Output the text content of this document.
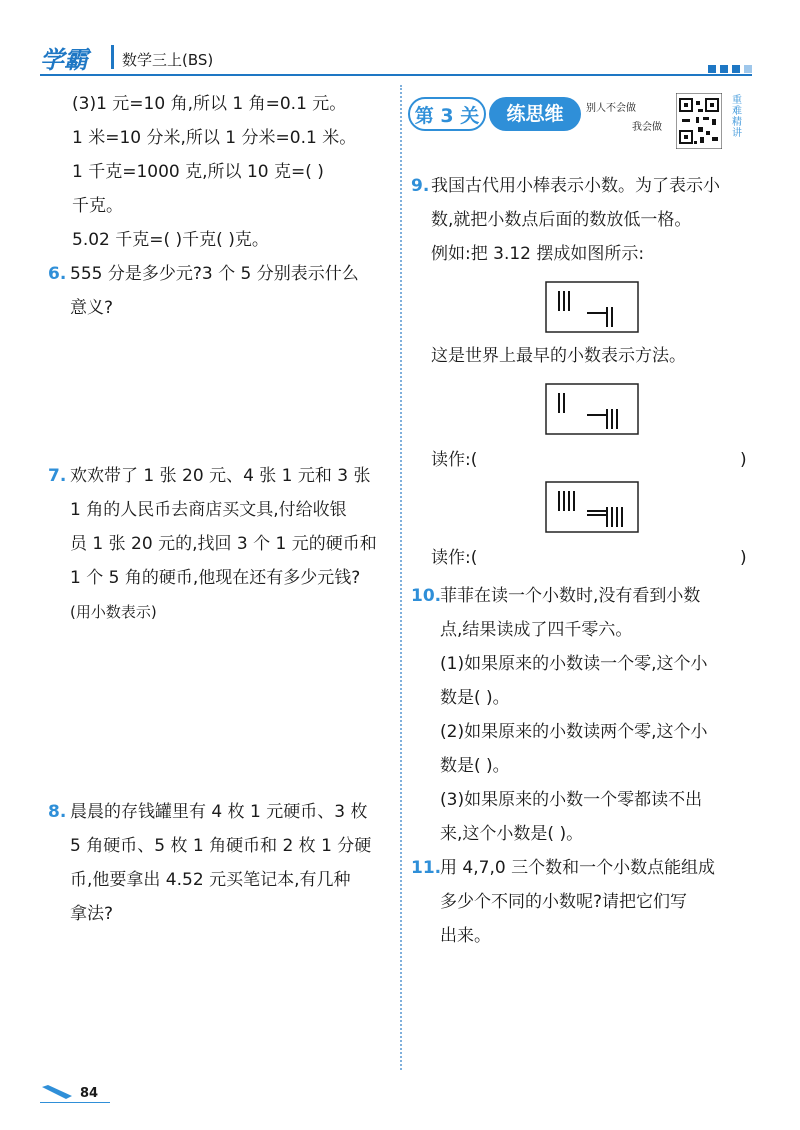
学霸 数学三上(BS)
(3)1 元=10 角,所以 1 角=0.1 元。
1 米=10 分米,所以 1 分米=0.1 米。
1 千克=1000 克,所以 10 克=( )
千克。
5.02 千克=( )千克( )克。
6. 555 分是多少元?3 个 5 分别表示什么
意义?
7. 欢欢带了 1 张 20 元、4 张 1 元和 3 张
1 角的人民币去商店买文具,付给收银
员 1 张 20 元的,找回 3 个 1 元的硬币和
1 个 5 角的硬币,他现在还有多少元钱?
(用小数表示)
8. 晨晨的存钱罐里有 4 枚 1 元硬币、3 枚
5 角硬币、5 枚 1 角硬币和 2 枚 1 分硬
币,他要拿出 4.52 元买笔记本,有几种
拿法?
第 3 关	练思维	别人不会做
我会做
重难精讲
9. 我国古代用小棒表示小数。为了表示小
数,就把小数点后面的数放低一格。
例如:把 3.12 摆成如图所示:
这是世界上最早的小数表示方法。
读作:(	)
读作:(	)
10.
菲菲在读一个小数时,没有看到小数
点,结果读成了四千零六。
(1)如果原来的小数读一个零,这个小
数是( )。
(2)如果原来的小数读两个零,这个小
数是( )。
(3)如果原来的小数一个零都读不出
来,这个小数是( )。
11.
用 4,7,0 三个数和一个小数点能组成
多少个不同的小数呢?请把它们写
出来。
84
